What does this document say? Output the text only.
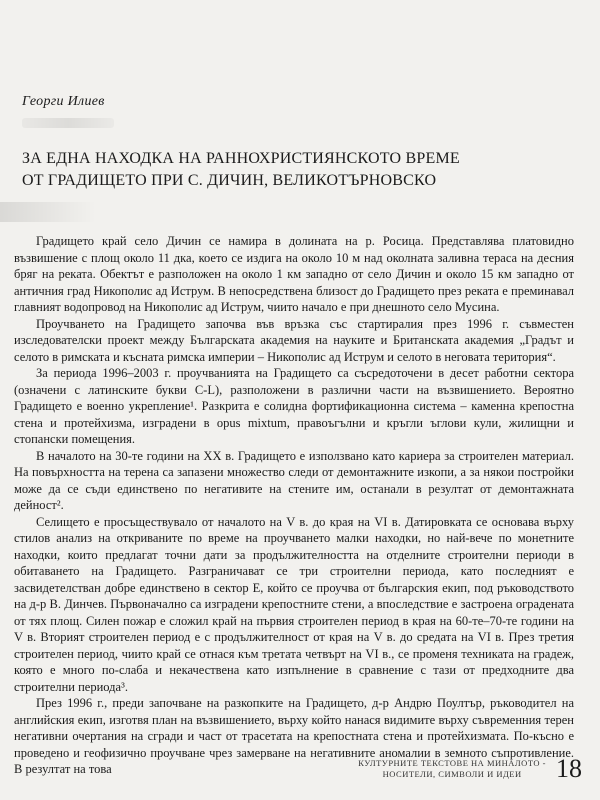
Георги Илиев
ЗА ЕДНА НАХОДКА НА РАННОХРИСТИЯНСКОТО ВРЕМЕ
ОТ ГРАДИЩЕТО ПРИ С. ДИЧИН, ВЕЛИКОТЪРНОВСКО

Градището край село Дичин се намира в долината на р. Росица. Представлява платовидно възвишение с площ около 11 дка, което се издига на около 10 м над околната заливна тераса на десния бряг на реката. Обектът е разположен на около 1 км западно от село Дичин и около 15 км западно от античния град Никополис ад Иструм. В непосредствена близост до Градището през реката е преминавал главният водопровод на Никополис ад Иструм, чиито начало е при днешното село Мусина.

Проучването на Градището започва във връзка със стартиралия през 1996 г. съвместен изследователски проект между Българската академия на науките и Британската академия „Градът и селото в римската и късната римска империи – Никополис ад Иструм и селото в неговата територия“.

За периода 1996–2003 г. проучванията на Градището са съсредоточени в десет работни сектора (означени с латинските букви C-L), разположени в различни части на възвишението. Вероятно Градището е военно укрепление¹. Разкрита е солидна фортификационна система – каменна крепостна стена и протейхизма, изградени в opus mixtum, правоъгълни и кръгли ъглови кули, жилищни и стопански помещения.

В началото на 30-те години на XX в. Градището е използвано като кариера за строителен материал. На повърхността на терена са запазени множество следи от демонтажните изкопи, а за някои постройки може да се съди единствено по негативите на стените им, останали в резултат от демонтажната дейност².

Селището е просъществувало от началото на V в. до края на VI в. Датировката се основава върху стилов анализ на откриваните по време на проучването малки находки, но най-вече по монетните находки, които предлагат точни дати за продължителността на отделните строителни периоди в обитаването на Градището. Разграничават се три строителни периода, като последният е засвидетелстван добре единствено в сектор E, който се проучва от българския екип, под ръководството на д-р В. Динчев. Първоначално са изградени крепостните стени, а впоследствие е застроена оградената от тях площ. Силен пожар е сложил край на първия строителен период в края на 60-те–70-те години на V в. Вторият строителен период е с продължителност от края на V в. до средата на VI в. През третия строителен период, чиито край се отнася към третата четвърт на VI в., се променя техниката на градеж, която е много по-слаба и некачествена като изпълнение в сравнение с тази от предходните два строителни периода³.

През 1996 г., преди започване на разкопките на Градището, д-р Андрю Поултър, ръководител на английския екип, изготвя план на възвишението, върху който нанася видимите върху съвременния терен негативни очертания на сгради и част от трасетата на крепостната стена и протейхизмата. По-късно е проведено и геофизично проучване чрез замерване на негативните аномалии в земното съпротивление. В резултат на това	КУЛТУРНИТЕ ТЕКСТОВЕ НА МИНАЛОТО -
НОСИТЕЛИ, СИМВОЛИ И ИДЕИ	18
